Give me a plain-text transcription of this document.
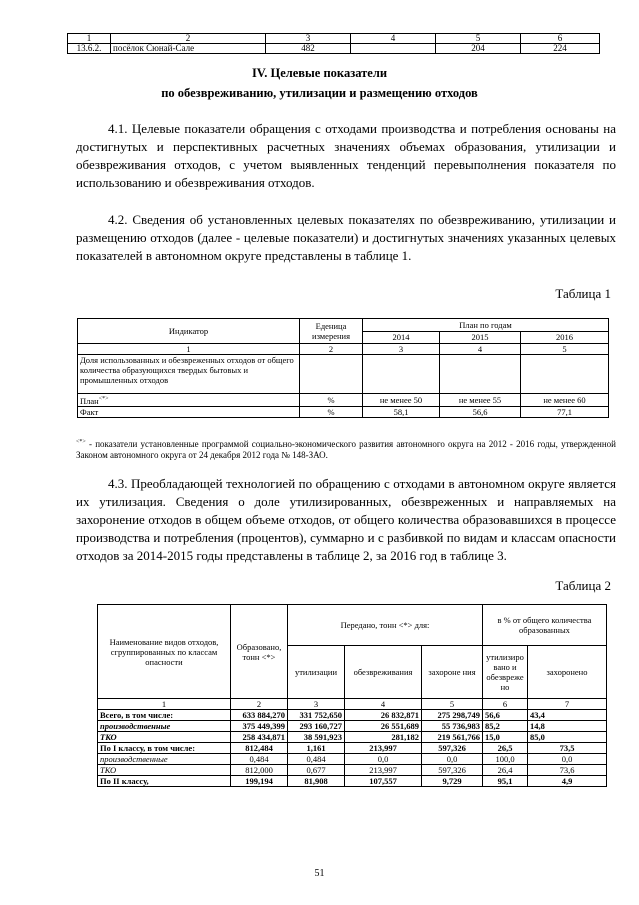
1	2	3	4	5	6
13.6.2.	посёлок Сюнай-Сале	482		204	224
IV. Целевые показатели
по обезвреживанию, утилизации и размещению отходов
4.1. Целевые показатели обращения с отходами производства и потребления основаны на достигнутых и перспективных расчетных значениях объемах образования, утилизации и обезвреживания отходов, с учетом выявленных тенденций перевыполнения показателя по использованию и обезвреживания отходов.
4.2. Сведения об установленных целевых показателях по обезвреживанию, утилизации и размещению отходов (далее - целевые показатели) и достигнутых значениях указанных целевых показателей в автономном округе представлены в таблице 1.
Таблица 1
Индикатор	Еденица измерения	План по годам		
		2014	2015	2016
1	2	3	4	5
Доля использованных и обезвреженных отходов от общего количества образующихся твердых бытовых и промышленных отходов				
План<*>	%	не менее 50	не менее 55	не менее 60
Факт	%	58,1	56,6	77,1
<*> - показатели установленные программой социально-экономического развития автономного округа на 2012 - 2016 годы, утвержденной Законом автономного округа от 24 декабря 2012 года № 148-ЗАО.
4.3. Преобладающей технологией по обращению с отходами в автономном округе является их утилизация. Сведения о доле утилизированных, обезвреженных и направляемых на захоронение отходов в общем объеме отходов, от общего количества образовавшихся в процессе производства и потребления (процентов), суммарно и с разбивкой по видам и классам опасности отходов за 2014-2015 годы представлены в таблице 2, за 2016 год в таблице 3.
Таблица 2
Наименование видов отходов, сгруппированных по классам опасности	Образовано, тонн <*>	Передано, тонн <*> для:			в % от общего количества образованных	
		утилизации	обезвреживания	захороне ния	утилизиро вано и обезвреже но	захоронено
1	2	3	4	5	6	7
Всего, в том числе:	633 884,270	331 752,650	26 832,871	275 298,749	56,6	43,4
производственные	375 449,399	293 160,727	26 551,689	55 736,983	85,2	14,8
ТКО	258 434,871	38 591,923	281,182	219 561,766	15,0	85,0
По I классу, в том числе:	812,484	1,161	213,997	597,326	26,5	73,5
производственные	0,484	0,484	0,0	0,0	100,0	0,0
ТКО	812,000	0,677	213,997	597,326	26,4	73,6
По II классу,	199,194	81,908	107,557	9,729	95,1	4,9
51
